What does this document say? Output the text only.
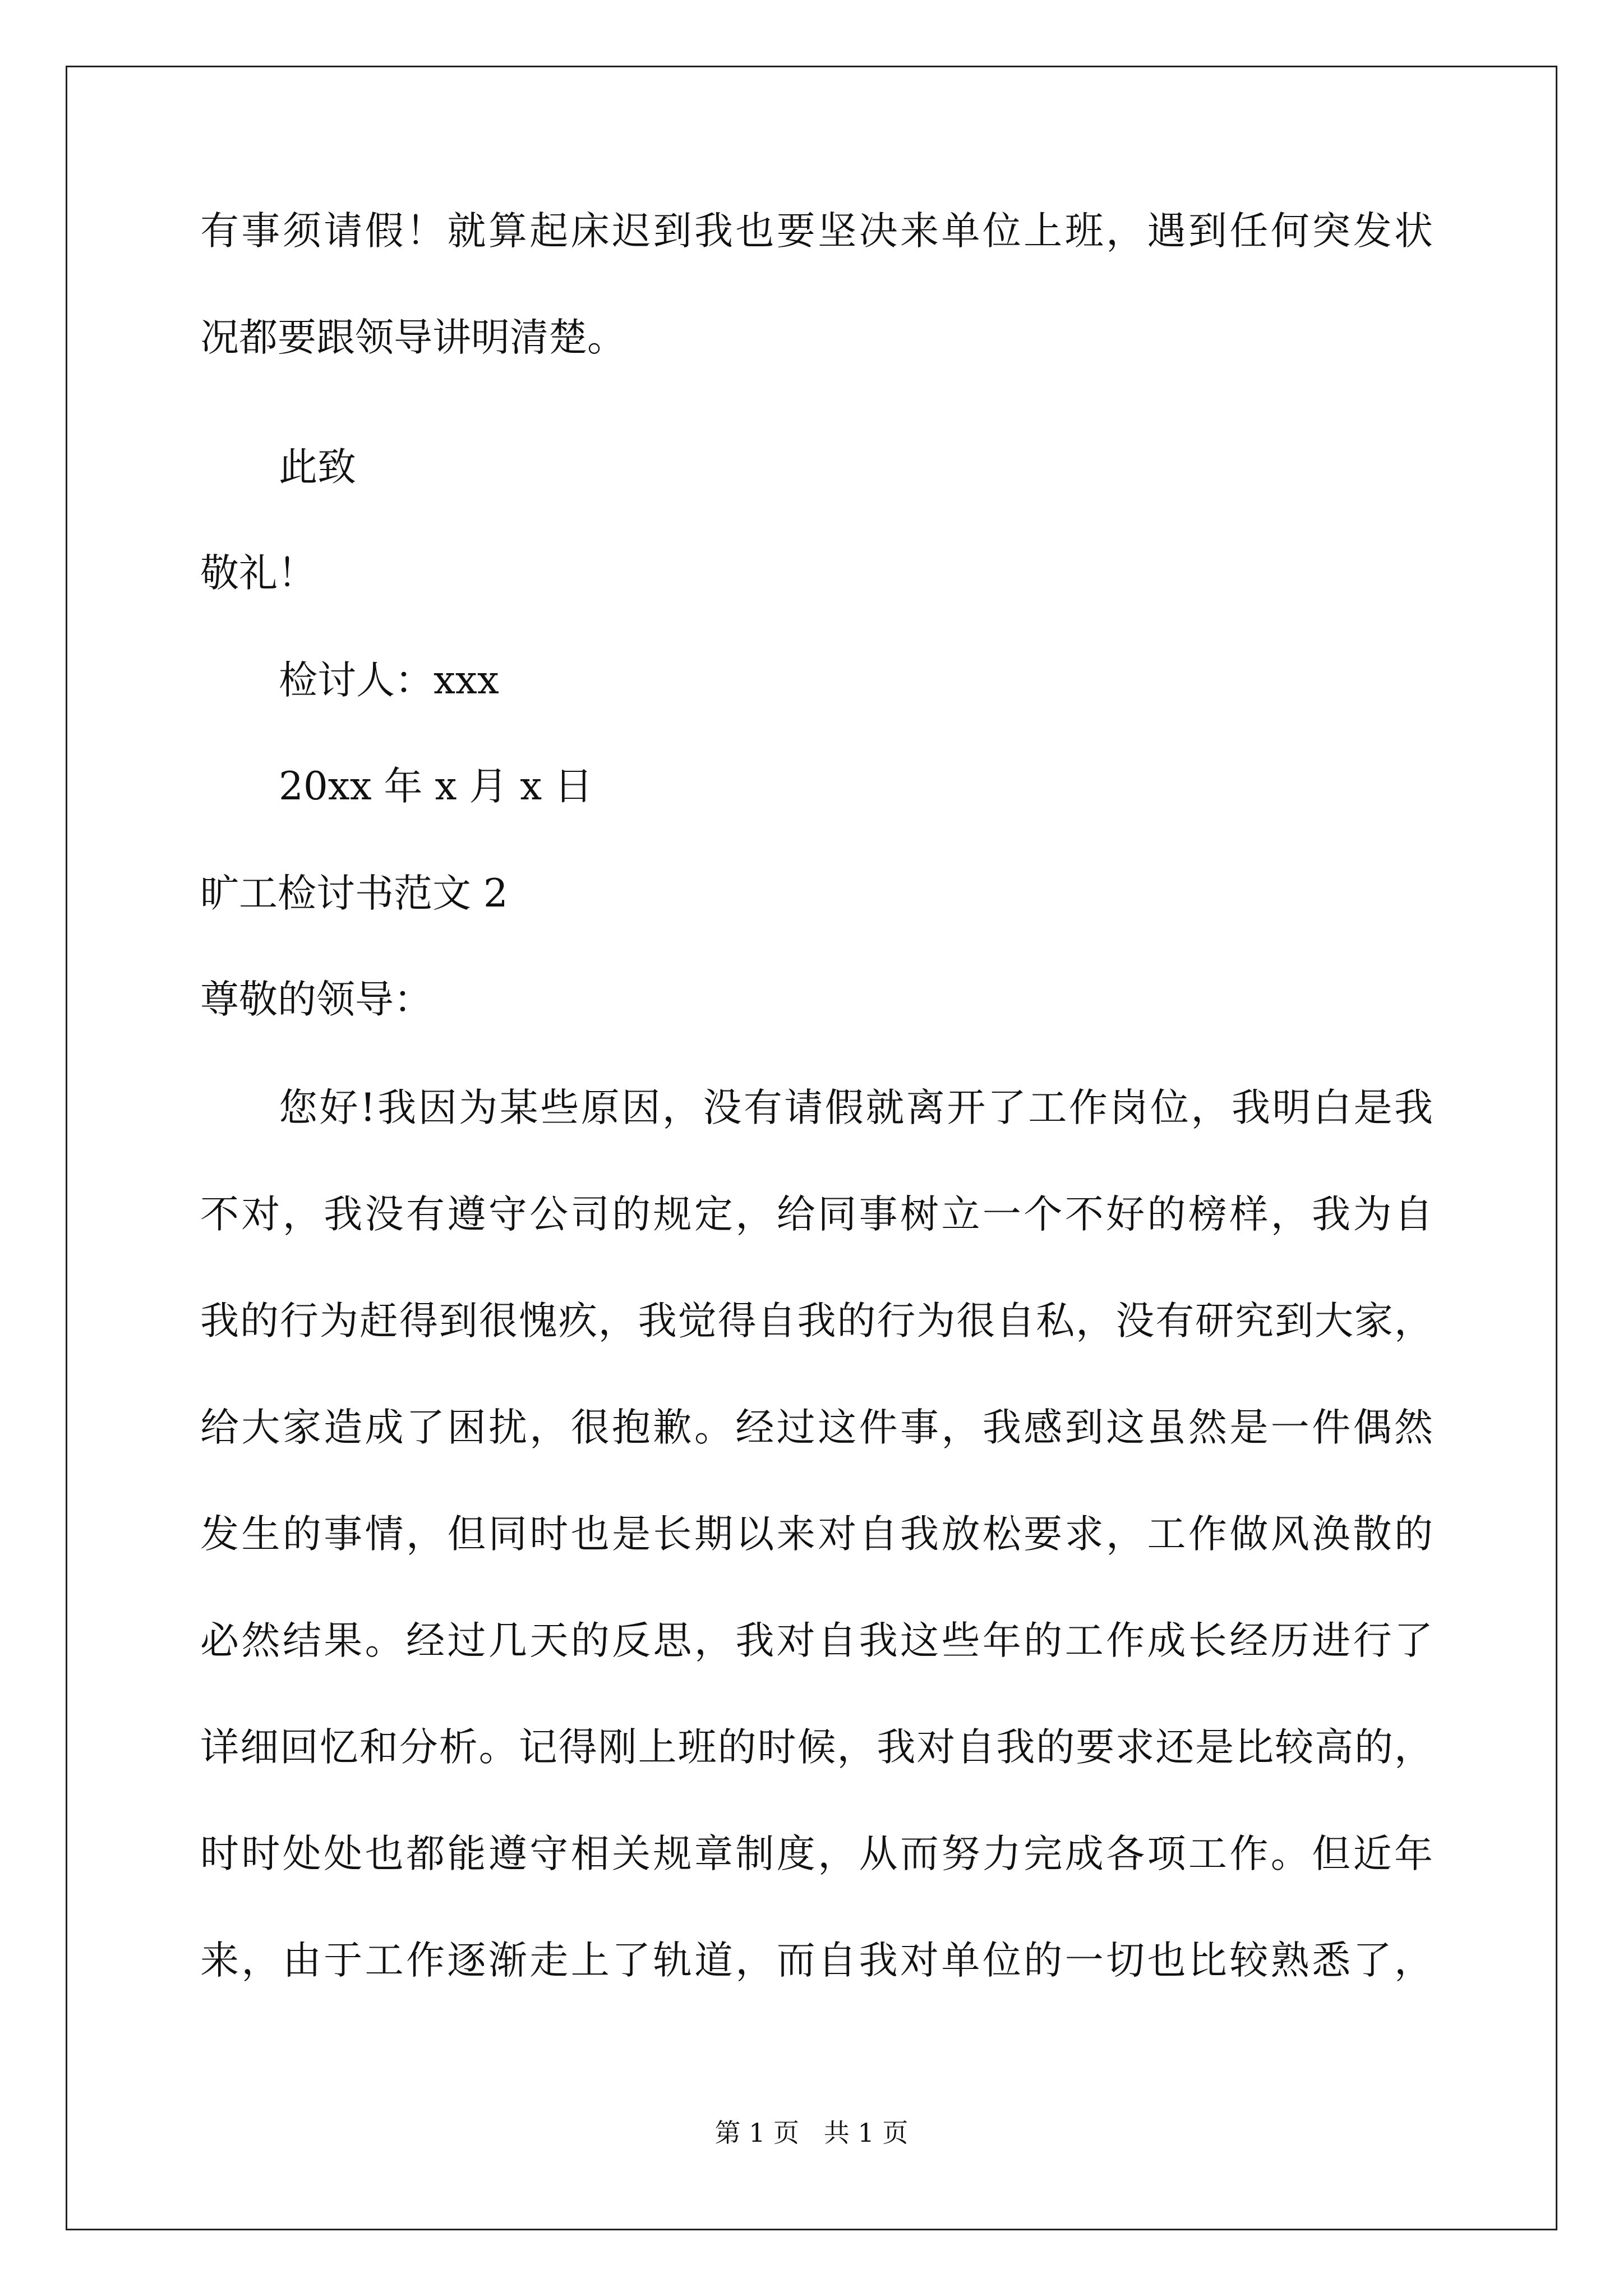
有事须请假！就算起床迟到我也要坚决来单位上班，遇到任何突发状
况都要跟领导讲明清楚。
此致
敬礼！
检讨人：xxx
20xx 年 x 月 x 日
旷工检讨书范文 2
尊敬的领导：
您好!我因为某些原因，没有请假就离开了工作岗位，我明白是我
不对，我没有遵守公司的规定，给同事树立一个不好的榜样，我为自
我的行为赶得到很愧疚，我觉得自我的行为很自私，没有研究到大家，
给大家造成了困扰，很抱歉。经过这件事，我感到这虽然是一件偶然
发生的事情，但同时也是长期以来对自我放松要求，工作做风涣散的
必然结果。经过几天的反思，我对自我这些年的工作成长经历进行了
详细回忆和分析。记得刚上班的时候，我对自我的要求还是比较高的，
时时处处也都能遵守相关规章制度，从而努力完成各项工作。但近年
来，由于工作逐渐走上了轨道，而自我对单位的一切也比较熟悉了，
第 1 页   共 1 页
